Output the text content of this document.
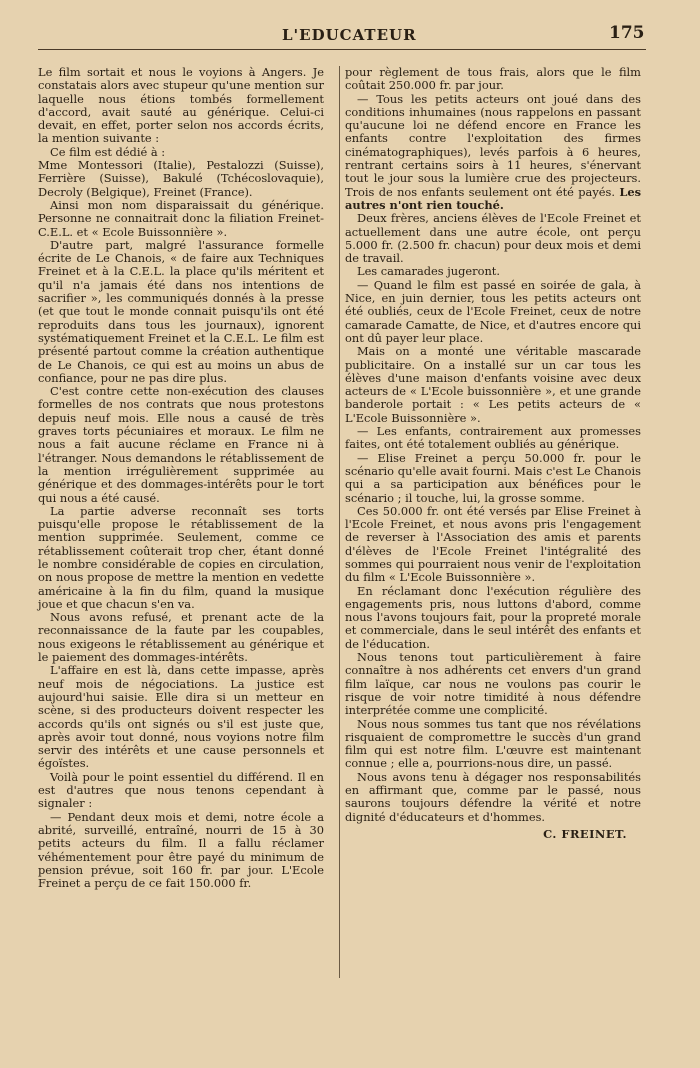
L'EDUCATEUR	175

Le film sortait et nous le voyions à Angers. Je constatais alors avec stupeur qu'une mention sur laquelle nous étions tombés formellement d'accord, avait sauté au générique. Celui-ci devait, en effet, porter selon nos accords écrits, la mention suivante :

Ce film est dédié à :

Mme Montessori (Italie), Pestalozzi (Suisse), Ferrière (Suisse), Bakulé (Tchécoslovaquie), Decroly (Belgique), Freinet (France).

Ainsi mon nom disparaissait du générique. Personne ne connaitrait donc la filiation Freinet-C.E.L. et « Ecole Buissonnière ».

D'autre part, malgré l'assurance formelle écrite de Le Chanois, « de faire aux Techniques Freinet et à la C.E.L. la place qu'ils méritent et qu'il n'a jamais été dans nos intentions de sacrifier », les communiqués donnés à la presse (et que tout le monde connait puisqu'ils ont été reproduits dans tous les journaux), ignorent systématiquement Freinet et la C.E.L. Le film est présenté partout comme la création authentique de Le Chanois, ce qui est au moins un abus de confiance, pour ne pas dire plus.

C'est contre cette non-exécution des clauses formelles de nos contrats que nous protestons depuis neuf mois. Elle nous a causé de très graves torts pécuniaires et moraux. Le film ne nous a fait aucune réclame en France ni à l'étranger. Nous demandons le rétablissement de la mention irrégulièrement supprimée au générique et des dommages-intérêts pour le tort qui nous a été causé.

La partie adverse reconnaît ses torts puisqu'elle propose le rétablissement de la mention supprimée. Seulement, comme ce rétablissement coûterait trop cher, étant donné le nombre considérable de copies en circulation, on nous propose de mettre la mention en vedette américaine à la fin du film, quand la musique joue et que chacun s'en va.

Nous avons refusé, et prenant acte de la reconnaissance de la faute par les coupables, nous exigeons le rétablissement au générique et le paiement des dommages-intérêts.

L'affaire en est là, dans cette impasse, après neuf mois de négociations. La justice est aujourd'hui saisie. Elle dira si un metteur en scène, si des producteurs doivent respecter les accords qu'ils ont signés ou s'il est juste que, après avoir tout donné, nous voyions notre film servir des intérêts et une cause personnels et égoïstes.

Voilà pour le point essentiel du différend. Il en est d'autres que nous tenons cependant à signaler :

— Pendant deux mois et demi, notre école a abrité, surveillé, entraîné, nourri de 15 à 30 petits acteurs du film. Il a fallu réclamer véhémentement pour être payé du minimum de pension prévue, soit 160 fr. par jour. L'Ecole Freinet a perçu de ce fait 150.000 fr.

pour règlement de tous frais, alors que le film coûtait 250.000 fr. par jour.

— Tous les petits acteurs ont joué dans des conditions inhumaines (nous rappelons en passant qu'aucune loi ne défend encore en France les enfants contre l'exploitation des firmes cinématographiques), levés parfois à 6 heures, rentrant certains soirs à 11 heures, s'énervant tout le jour sous la lumière crue des projecteurs. Trois de nos enfants seulement ont été payés. Les autres n'ont rien touché.

Deux frères, anciens élèves de l'Ecole Freinet et actuellement dans une autre école, ont perçu 5.000 fr. (2.500 fr. chacun) pour deux mois et demi de travail.

Les camarades jugeront.

— Quand le film est passé en soirée de gala, à Nice, en juin dernier, tous les petits acteurs ont été oubliés, ceux de l'Ecole Freinet, ceux de notre camarade Camatte, de Nice, et d'autres encore qui ont dû payer leur place.

Mais on a monté une véritable mascarade publicitaire. On a installé sur un car tous les élèves d'une maison d'enfants voisine avec deux acteurs de « L'Ecole buissonnière », et une grande banderole portait : « Les petits acteurs de « L'Ecole Buissonnière ».

— Les enfants, contrairement aux promesses faites, ont été totalement oubliés au générique.

— Elise Freinet a perçu 50.000 fr. pour le scénario qu'elle avait fourni. Mais c'est Le Chanois qui a sa participation aux bénéfices pour le scénario ; il touche, lui, la grosse somme.

Ces 50.000 fr. ont été versés par Elise Freinet à l'Ecole Freinet, et nous avons pris l'engagement de reverser à l'Association des amis et parents d'élèves de l'Ecole Freinet l'intégralité des sommes qui pourraient nous venir de l'exploitation du film « L'Ecole Buissonnière ».

En réclamant donc l'exécution régulière des engagements pris, nous luttons d'abord, comme nous l'avons toujours fait, pour la propreté morale et commerciale, dans le seul intérêt des enfants et de l'éducation.

Nous tenons tout particulièrement à faire connaître à nos adhérents cet envers d'un grand film laïque, car nous ne voulons pas courir le risque de voir notre timidité à nous défendre interprétée comme une complicité.

Nous nous sommes tus tant que nos révélations risquaient de compromettre le succès d'un grand film qui est notre film. L'œuvre est maintenant connue ; elle a, pourrions-nous dire, un passé.

Nous avons tenu à dégager nos responsabilités en affirmant que, comme par le passé, nous saurons toujours défendre la vérité et notre dignité d'éducateurs et d'hommes.

C. FREINET.
